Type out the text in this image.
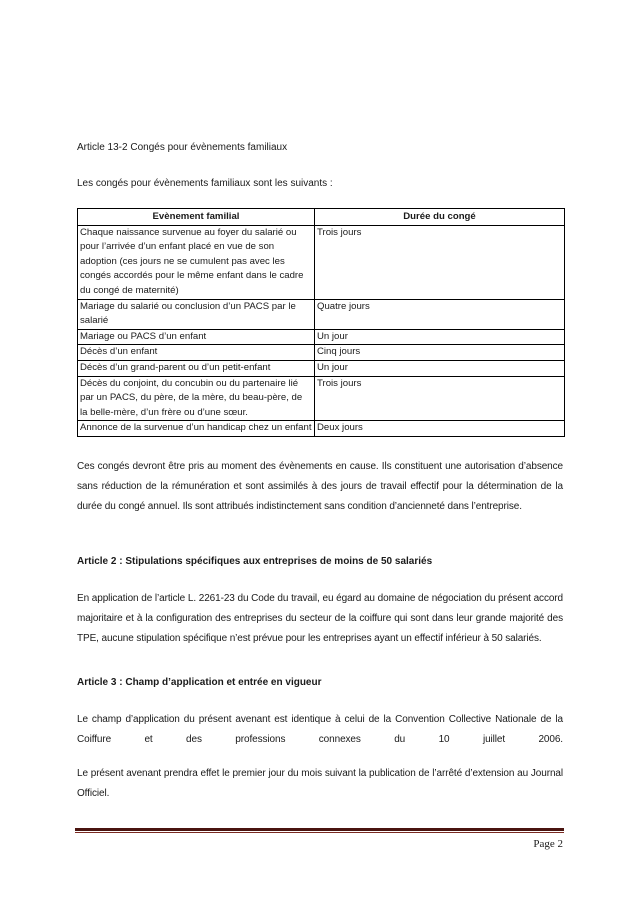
Article 13-2 Congés pour évènements familiaux

Les congés pour évènements familiaux sont les suivants :

Evènement familial	Durée du congé
Chaque naissance survenue au foyer du salarié ou pour l’arrivée d’un enfant placé en vue de son adoption (ces jours ne se cumulent pas avec les congés accordés pour le même enfant dans le cadre du congé de maternité)	Trois jours
Mariage du salarié ou conclusion d’un PACS par le salarié	Quatre jours
Mariage ou PACS d’un enfant	Un jour
Décès d’un enfant	Cinq jours
Décès d’un grand-parent ou d’un petit-enfant	Un jour
Décès du conjoint, du concubin ou du partenaire lié par un PACS, du père, de la mère, du beau-père, de la belle-mère, d’un frère ou d’une sœur.	Trois jours
Annonce de la survenue d’un handicap chez un enfant	Deux jours

Ces congés devront être pris au moment des évènements en cause. Ils constituent une autorisation d’absence sans réduction de la rémunération et sont assimilés à des jours de travail effectif pour la détermination de la durée du congé annuel. Ils sont attribués indistinctement sans condition d’ancienneté dans l’entreprise.

Article 2 : Stipulations spécifiques aux entreprises de moins de 50 salariés

En application de l’article L. 2261-23 du Code du travail, eu égard au domaine de négociation du présent accord majoritaire et à la configuration des entreprises du secteur de la coiffure qui sont dans leur grande majorité des TPE, aucune stipulation spécifique n’est prévue pour les entreprises ayant un effectif inférieur à 50 salariés.

Article 3 : Champ d’application et entrée en vigueur

Le champ d’application du présent avenant est identique à celui de la Convention Collective Nationale de la Coiffure et des professions connexes du 10 juillet 2006.

Le présent avenant prendra effet le premier jour du mois suivant la publication de l’arrêté d’extension au Journal Officiel.

Page 2
